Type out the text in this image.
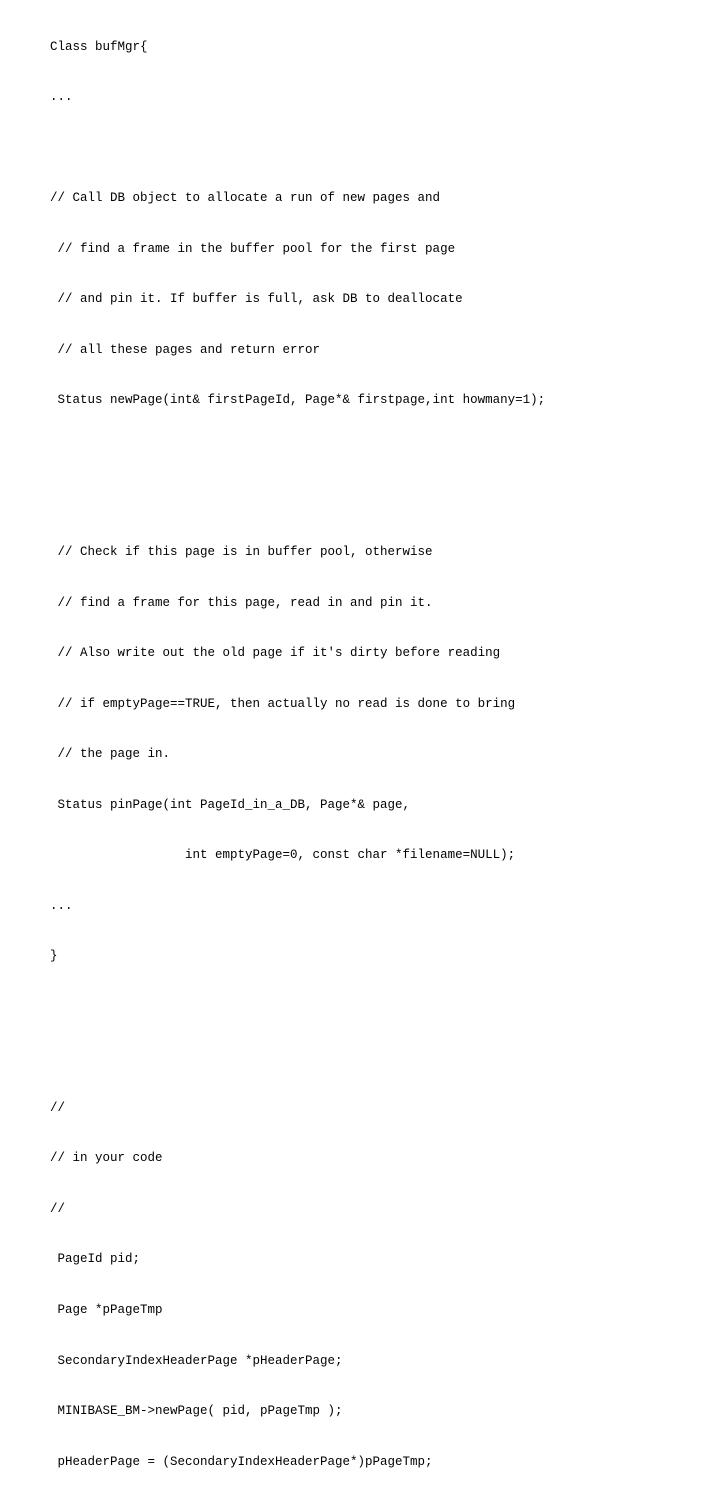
Class bufMgr{

...

// Call DB object to allocate a run of new pages and

// find a frame in the buffer pool for the first page

// and pin it. If buffer is full, ask DB to deallocate

// all these pages and return error

Status newPage(int& firstPageId, Page*& firstpage,int howmany=1);

// Check if this page is in buffer pool, otherwise

// find a frame for this page, read in and pin it.

// Also write out the old page if it's dirty before reading

// if emptyPage==TRUE, then actually no read is done to bring

// the page in.

Status pinPage(int PageId_in_a_DB, Page*& page,

int emptyPage=0, const char *filename=NULL);

...

}

//

// in your code

//

PageId pid;

Page *pPageTmp

SecondaryIndexHeaderPage *pHeaderPage;

MINIBASE_BM->newPage( pid, pPageTmp );

pHeaderPage = (SecondaryIndexHeaderPage*)pPageTmp;
